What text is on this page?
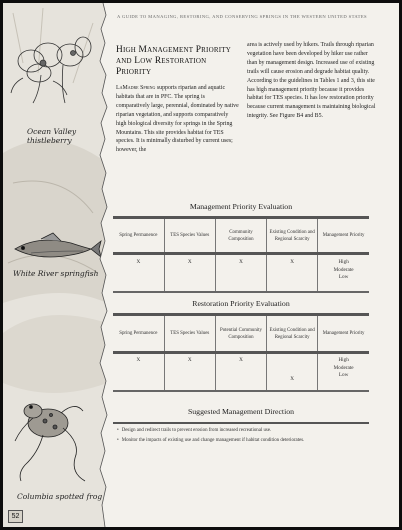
Ocean Valley
thistleberry
White River springfish
Columbia spotted frog
52
A GUIDE TO MANAGING, RESTORING, AND CONSERVING SPRINGS IN THE WESTERN UNITED STATES
High Management Priority
and Low Restoration
Priority

LaMadre Spring supports riparian and aquatic habitats that are in PFC. The spring is comparatively large, perennial, dominated by native riparian vegetation, and supports comparatively high biological diversity for springs in the Spring Mountains. This site provides habitat for TES species. It is minimally disturbed by current uses; however, the

area is actively used by hikers. Trails through riparian vegetation have been developed by hiker use rather than by management design. Increased use of existing trails will cause erosion and degrade habitat quality. According to the guidelines in Tables 1 and 3, this site has high management priority because it provides habitat for TES species. It has low restoration priority because current management is maintaining biological integrity. See Figure B4 and B5.

Management Priority Evaluation
Spring Permanence	TES Species Values	Community Composition	Existing Condition and Regional Scarcity	Management Priority
X	X	X	X	High
Moderate
Low
Restoration Priority Evaluation
Spring Permanence	TES Species Values	Potential Community Composition	Existing Condition and Regional Scarcity	Management Priority
X	X	X	X	High
Moderate
Low
Suggested Management Direction
• Design and redirect trails to prevent erosion from increased recreational use.
• Monitor the impacts of existing use and change management if habitat condition deteriorates.
